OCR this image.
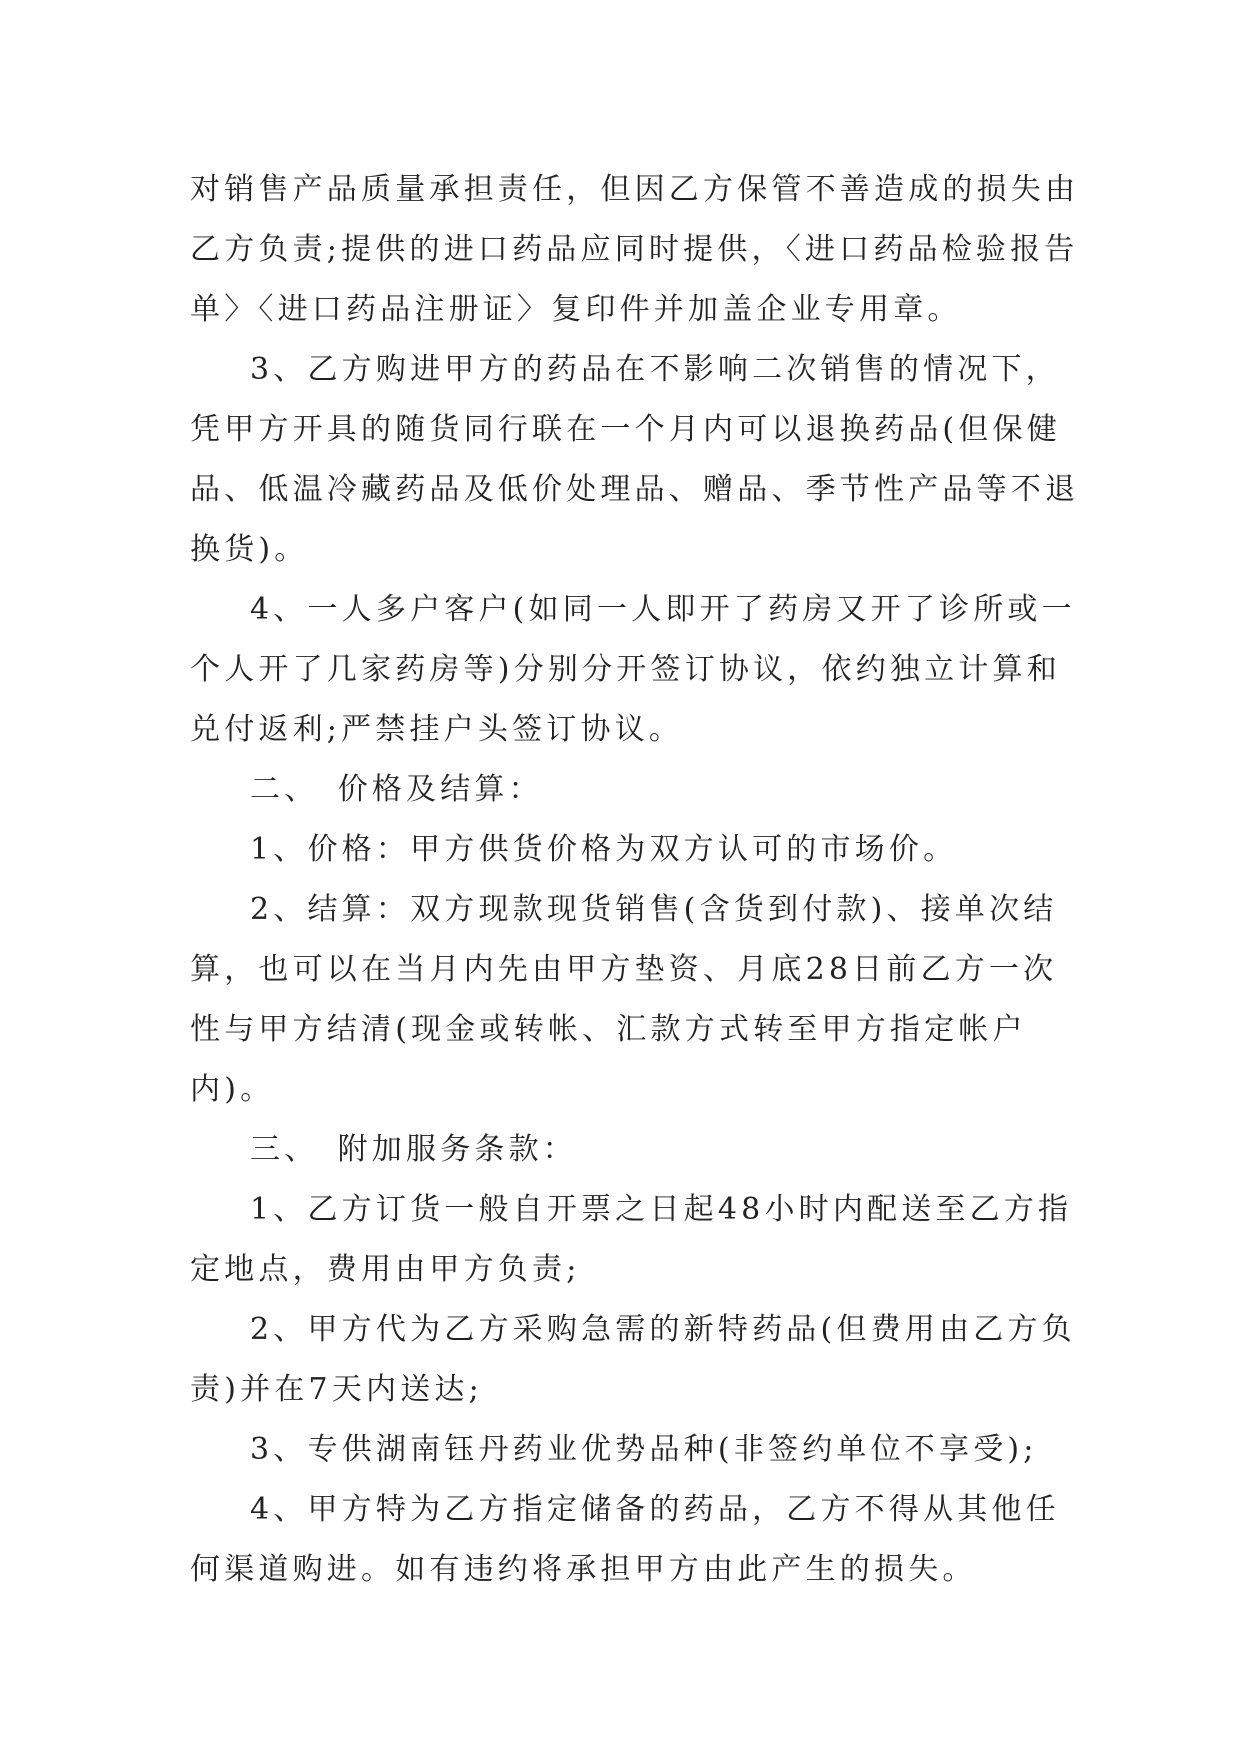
对销售产品质量承担责任，但因乙方保管不善造成的损失由
乙方负责;提供的进口药品应同时提供，〈进口药品检验报告
单〉〈进口药品注册证〉复印件并加盖企业专用章。
3、乙方购进甲方的药品在不影响二次销售的情况下，
凭甲方开具的随货同行联在一个月内可以退换药品(但保健
品、低温冷藏药品及低价处理品、赠品、季节性产品等不退
换货)。
4、一人多户客户(如同一人即开了药房又开了诊所或一
个人开了几家药房等)分别分开签订协议，依约独立计算和
兑付返利;严禁挂户头签订协议。
二、　价格及结算：
1、价格：甲方供货价格为双方认可的市场价。
2、结算：双方现款现货销售(含货到付款)、接单次结
算，也可以在当月内先由甲方垫资、月底28日前乙方一次
性与甲方结清(现金或转帐、汇款方式转至甲方指定帐户
内)。
三、　附加服务条款：
1、乙方订货一般自开票之日起48小时内配送至乙方指
定地点，费用由甲方负责;
2、甲方代为乙方采购急需的新特药品(但费用由乙方负
责)并在7天内送达;
3、专供湖南钰丹药业优势品种(非签约单位不享受);
4、甲方特为乙方指定储备的药品，乙方不得从其他任
何渠道购进。如有违约将承担甲方由此产生的损失。
